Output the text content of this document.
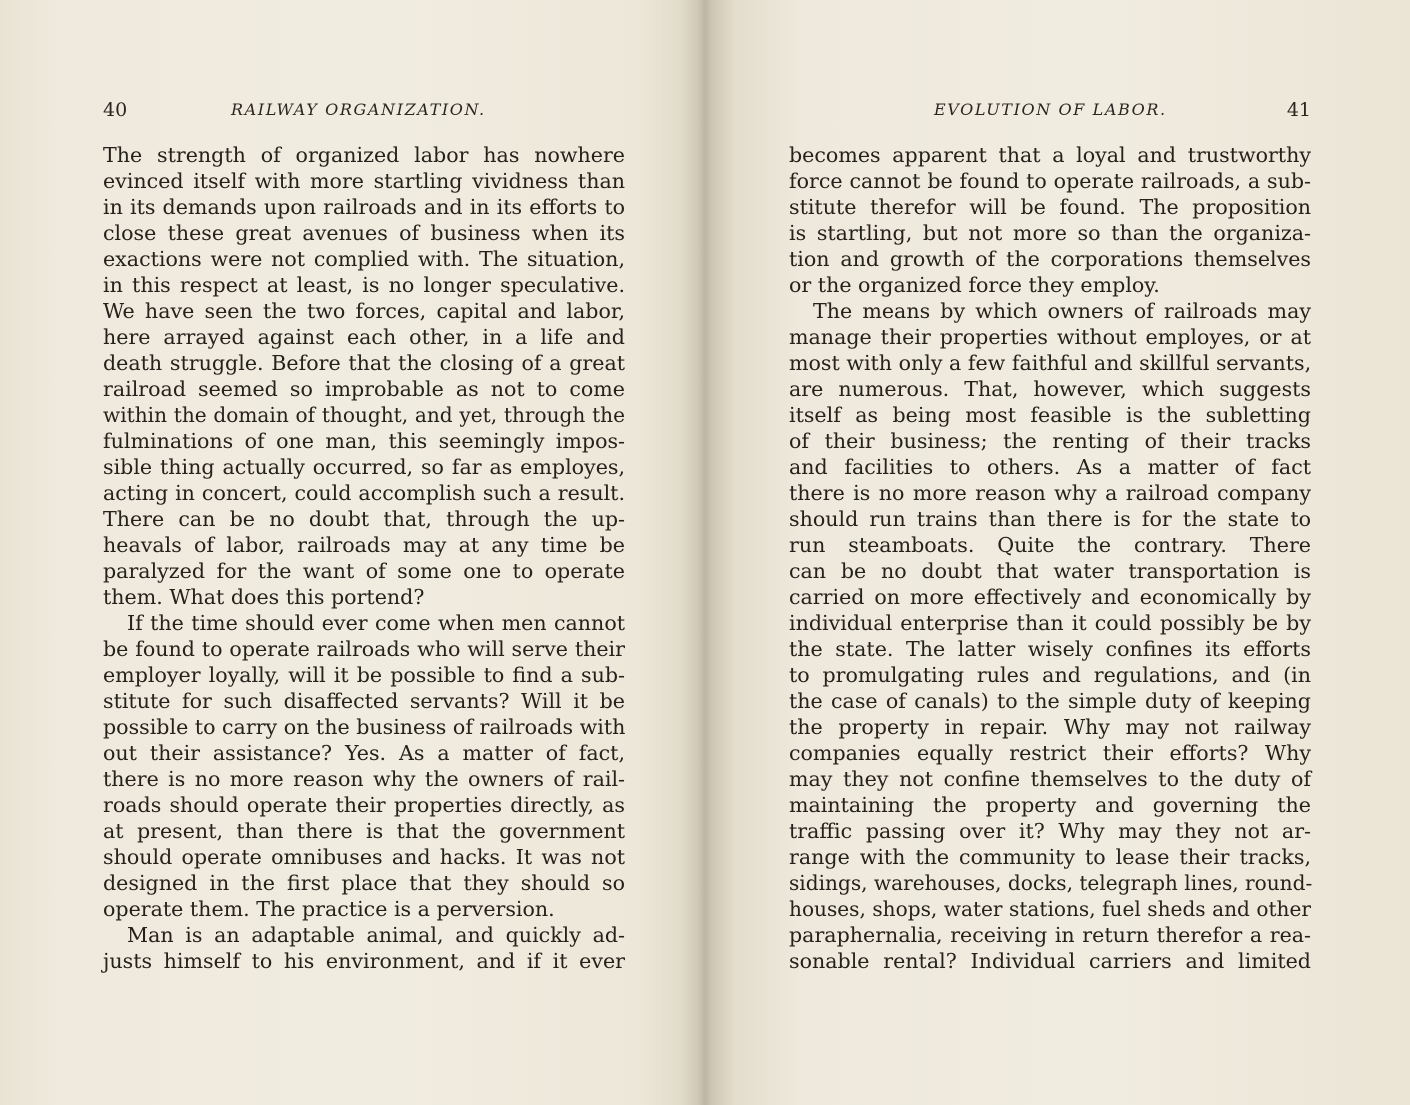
40	RAILWAY ORGANIZATION.
The strength of organized labor has nowhere
evinced itself with more startling vividness than
in its demands upon railroads and in its efforts to
close these great avenues of business when its
exactions were not complied with. The situation,
in this respect at least, is no longer speculative.
We have seen the two forces, capital and labor,
here arrayed against each other, in a life and
death struggle. Before that the closing of a great
railroad seemed so improbable as not to come
within the domain of thought, and yet, through the
fulminations of one man, this seemingly impos-
sible thing actually occurred, so far as employes,
acting in concert, could accomplish such a result.
There can be no doubt that, through the up-
heavals of labor, railroads may at any time be
paralyzed for the want of some one to operate
them. What does this portend?
If the time should ever come when men cannot
be found to operate railroads who will serve their
employer loyally, will it be possible to find a sub-
stitute for such disaffected servants? Will it be
possible to carry on the business of railroads with
out their assistance? Yes. As a matter of fact,
there is no more reason why the owners of rail-
roads should operate their properties directly, as
at present, than there is that the government
should operate omnibuses and hacks. It was not
designed in the first place that they should so
operate them. The practice is a perversion.
Man is an adaptable animal, and quickly ad-
justs himself to his environment, and if it ever
EVOLUTION OF LABOR.	41
becomes apparent that a loyal and trustworthy
force cannot be found to operate railroads, a sub-
stitute therefor will be found. The proposition
is startling, but not more so than the organiza-
tion and growth of the corporations themselves
or the organized force they employ.
The means by which owners of railroads may
manage their properties without employes, or at
most with only a few faithful and skillful servants,
are numerous. That, however, which suggests
itself as being most feasible is the subletting
of their business; the renting of their tracks
and facilities to others. As a matter of fact
there is no more reason why a railroad company
should run trains than there is for the state to
run steamboats. Quite the contrary. There
can be no doubt that water transportation is
carried on more effectively and economically by
individual enterprise than it could possibly be by
the state. The latter wisely confines its efforts
to promulgating rules and regulations, and (in
the case of canals) to the simple duty of keeping
the property in repair. Why may not railway
companies equally restrict their efforts? Why
may they not confine themselves to the duty of
maintaining the property and governing the
traffic passing over it? Why may they not ar-
range with the community to lease their tracks,
sidings, warehouses, docks, telegraph lines, round-
houses, shops, water stations, fuel sheds and other
paraphernalia, receiving in return therefor a rea-
sonable rental? Individual carriers and limited
